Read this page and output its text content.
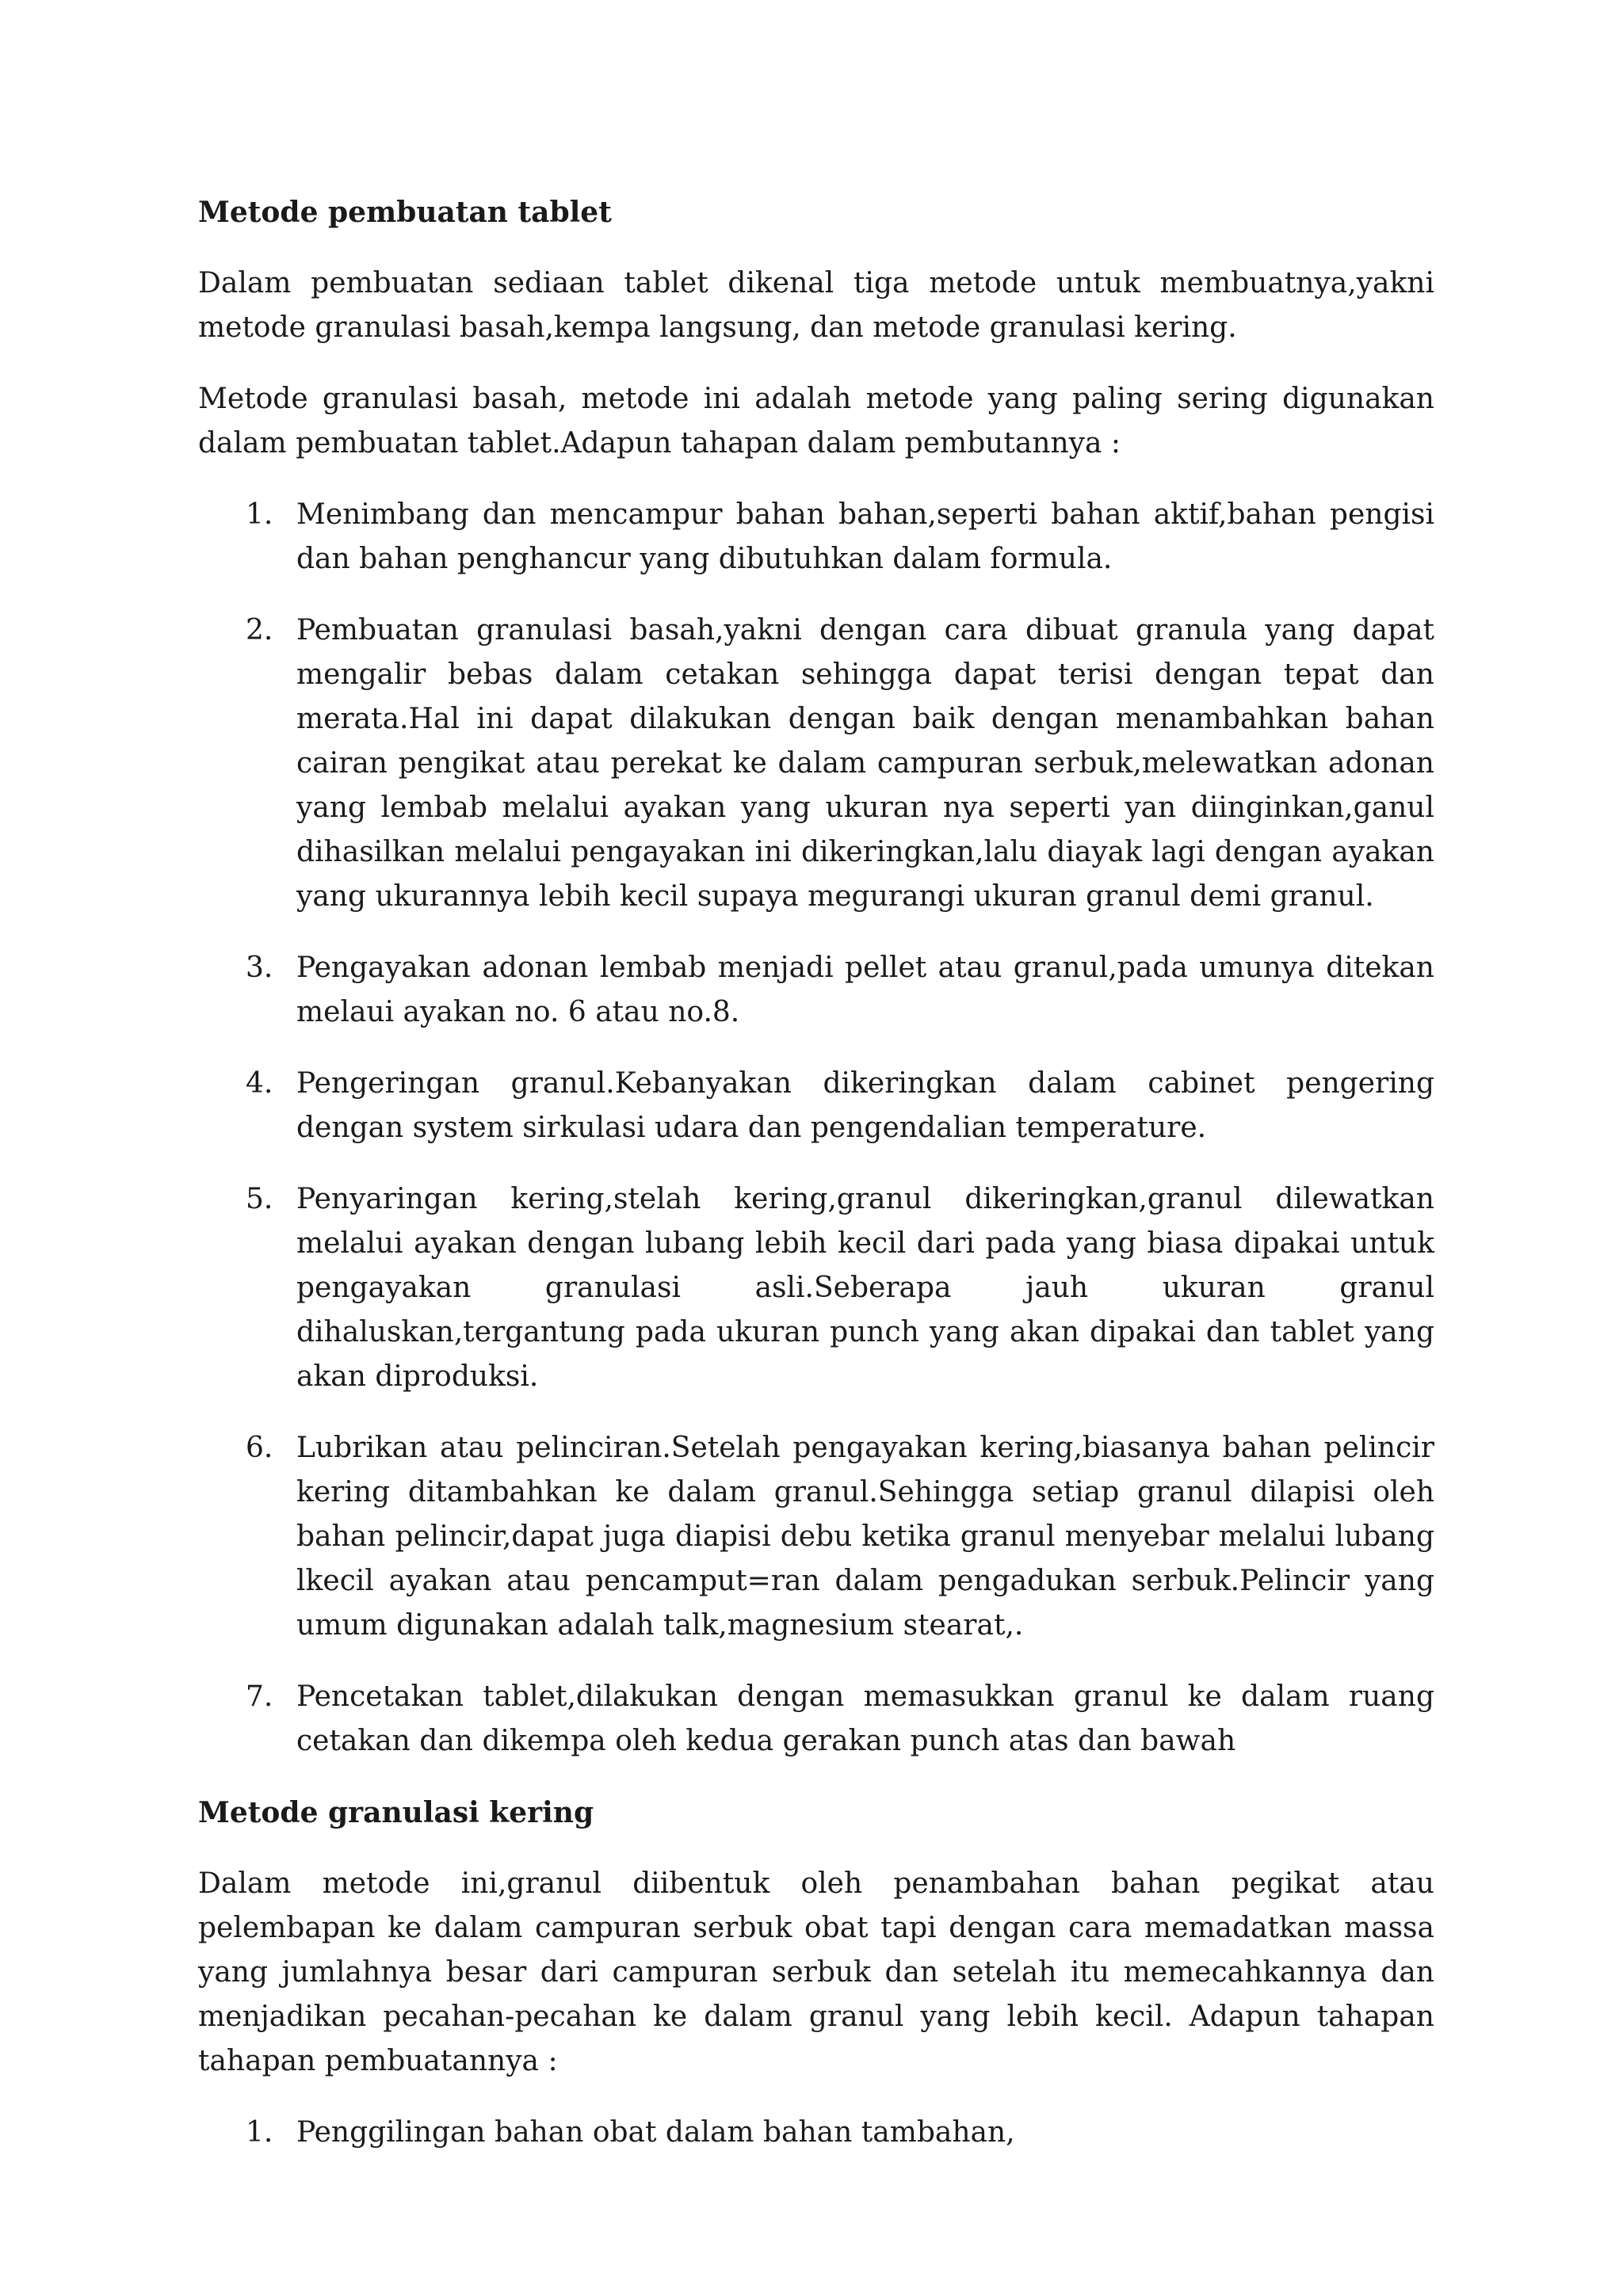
Metode pembuatan tablet

Dalam pembuatan sediaan tablet dikenal tiga metode untuk membuatnya,yakni metode granulasi basah,kempa langsung, dan metode granulasi kering.

Metode granulasi basah, metode ini adalah metode yang paling sering digunakan dalam pembuatan tablet.Adapun tahapan dalam pembutannya :

1. Menimbang dan mencampur bahan bahan,seperti bahan aktif,bahan pengisi dan bahan penghancur yang dibutuhkan dalam formula.
2. Pembuatan granulasi basah,yakni dengan cara dibuat granula yang dapat mengalir bebas dalam cetakan sehingga dapat terisi dengan tepat dan merata.Hal ini dapat dilakukan dengan baik dengan menambahkan bahan cairan pengikat atau perekat ke dalam campuran serbuk,melewatkan adonan yang lembab melalui ayakan yang ukuran nya seperti yan diinginkan,ganul dihasilkan melalui pengayakan ini dikeringkan,lalu diayak lagi dengan ayakan yang ukurannya lebih kecil supaya megurangi ukuran granul demi granul.
3. Pengayakan adonan lembab menjadi pellet atau granul,pada umunya ditekan melaui ayakan no. 6 atau no.8.
4. Pengeringan granul.Kebanyakan dikeringkan dalam cabinet pengering dengan system sirkulasi udara dan pengendalian temperature.
5. Penyaringan kering,stelah kering,granul dikeringkan,granul dilewatkan melalui ayakan dengan lubang lebih kecil dari pada yang biasa dipakai untuk pengayakan granulasi asli.Seberapa jauh ukuran granul dihaluskan,tergantung pada ukuran punch yang akan dipakai dan tablet yang akan diproduksi.
6. Lubrikan atau pelinciran.Setelah pengayakan kering,biasanya bahan pelincir kering ditambahkan ke dalam granul.Sehingga setiap granul dilapisi oleh bahan pelincir,dapat juga diapisi debu ketika granul menyebar melalui lubang lkecil ayakan atau pencamput=ran dalam pengadukan serbuk.Pelincir yang umum digunakan adalah talk,magnesium stearat,.
7. Pencetakan tablet,dilakukan dengan memasukkan granul ke dalam ruang cetakan dan dikempa oleh kedua gerakan punch atas dan bawah
Metode granulasi kering

Dalam metode ini,granul diibentuk oleh penambahan bahan pegikat atau pelembapan ke dalam campuran serbuk obat tapi dengan cara memadatkan massa yang jumlahnya besar dari campuran serbuk dan setelah itu memecahkannya dan menjadikan pecahan-pecahan ke dalam granul yang lebih kecil. Adapun tahapan tahapan pembuatannya :

1. Penggilingan bahan obat dalam bahan tambahan,
